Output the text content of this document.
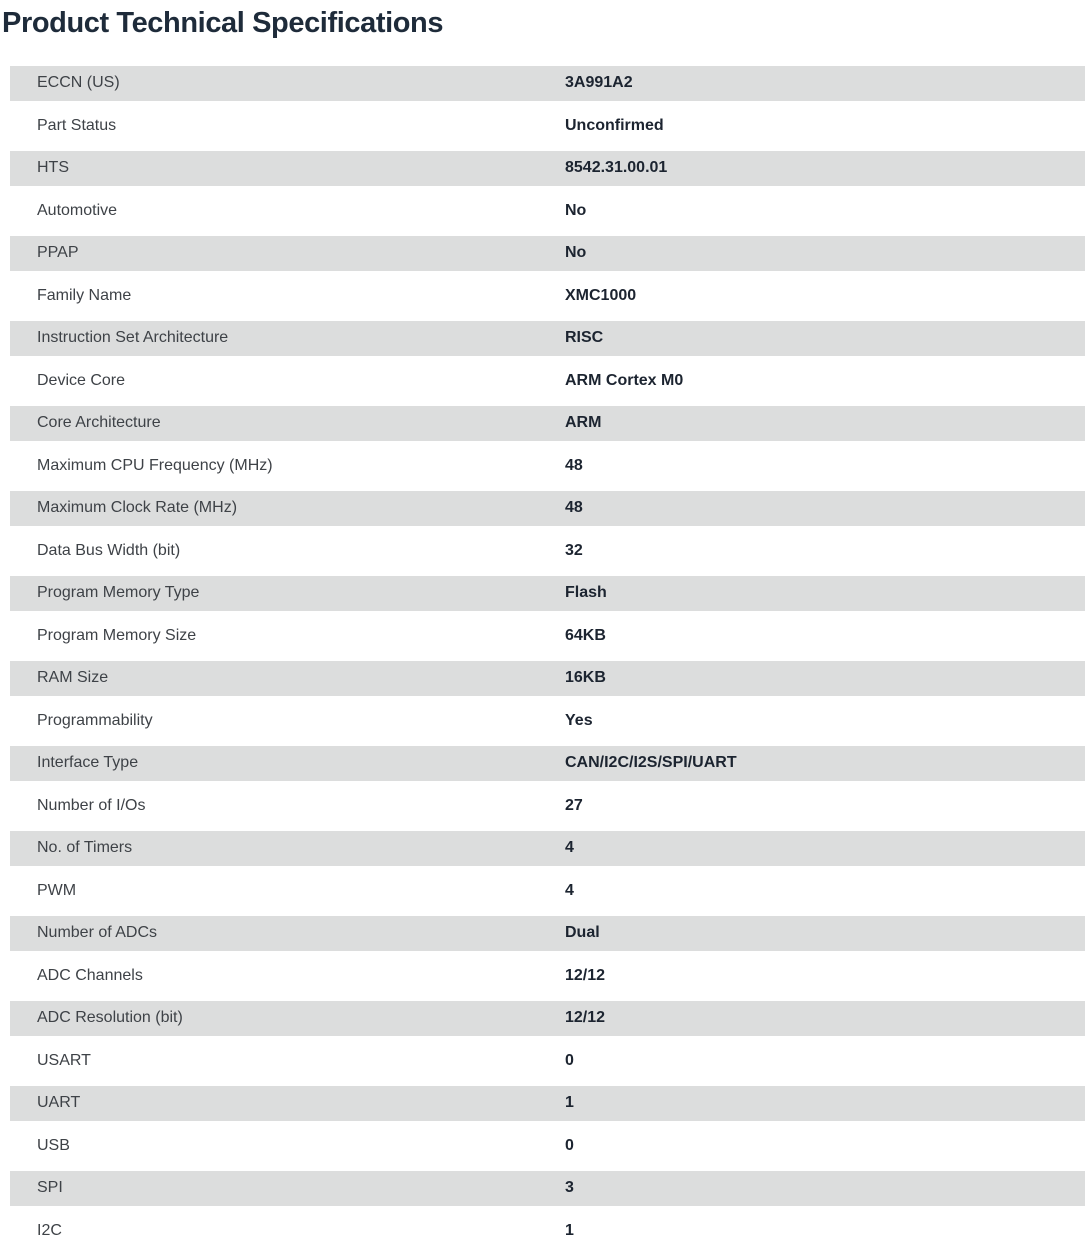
Product Technical Specifications
ECCN (US)	3A991A2
Part Status	Unconfirmed
HTS	8542.31.00.01
Automotive	No
PPAP	No
Family Name	XMC1000
Instruction Set Architecture	RISC
Device Core	ARM Cortex M0
Core Architecture	ARM
Maximum CPU Frequency (MHz)	48
Maximum Clock Rate (MHz)	48
Data Bus Width (bit)	32
Program Memory Type	Flash
Program Memory Size	64KB
RAM Size	16KB
Programmability	Yes
Interface Type	CAN/I2C/I2S/SPI/UART
Number of I/Os	27
No. of Timers	4
PWM	4
Number of ADCs	Dual
ADC Channels	12/12
ADC Resolution (bit)	12/12
USART	0
UART	1
USB	0
SPI	3
I2C	1
